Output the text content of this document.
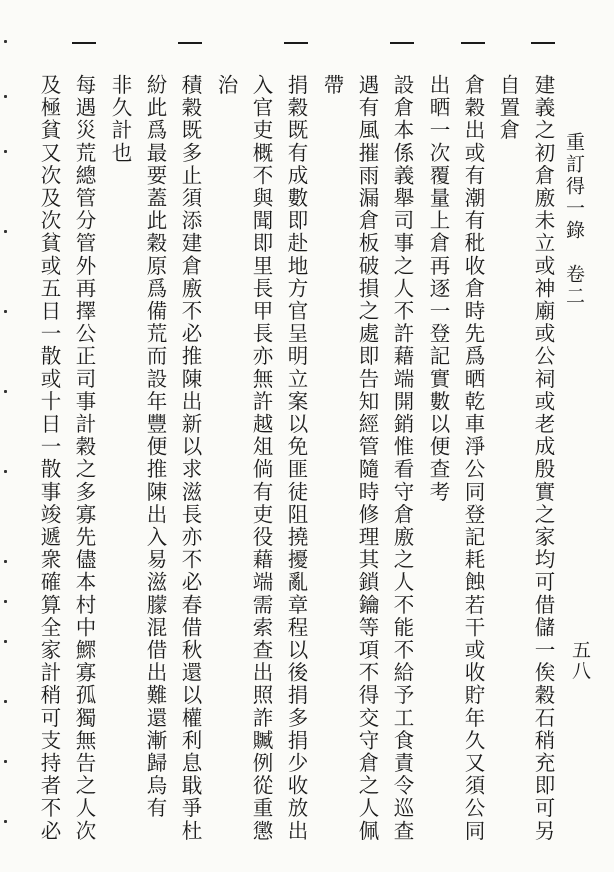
重訂得一錄　卷二
五八
建義之初倉廒未立或神廟或公祠或老成殷實之家均可借儲一俟穀石稍充即可另
自置倉
倉穀出或有潮有秕收倉時先爲晒乾車淨公同登記耗蝕若干或收貯年久又須公同
出晒一次覆量上倉再逐一登記實數以便查考
設倉本係義舉司事之人不許藉端開銷惟看守倉廒之人不能不給予工食責令巡查
遇有風摧雨漏倉板破損之處即告知經管隨時修理其鎖鑰等項不得交守倉之人佩
帶
捐穀既有成數即赴地方官呈明立案以免匪徒阻撓擾亂章程以後捐多捐少收放出
入官吏概不與聞即里長甲長亦無許越俎倘有吏役藉端需索查出照詐贓例從重懲
治
積穀既多止須添建倉廒不必推陳出新以求滋長亦不必春借秋還以權利息戢爭杜
紛此爲最要蓋此穀原爲備荒而設年豐便推陳出入易滋朦混借出難還漸歸烏有
非久計也
每遇災荒總管分管外再擇公正司事計穀之多寡先儘本村中鰥寡孤獨無告之人次
及極貧又次及次貧或五日一散或十日一散事竣遞衆確算全家計稍可支持者不必
